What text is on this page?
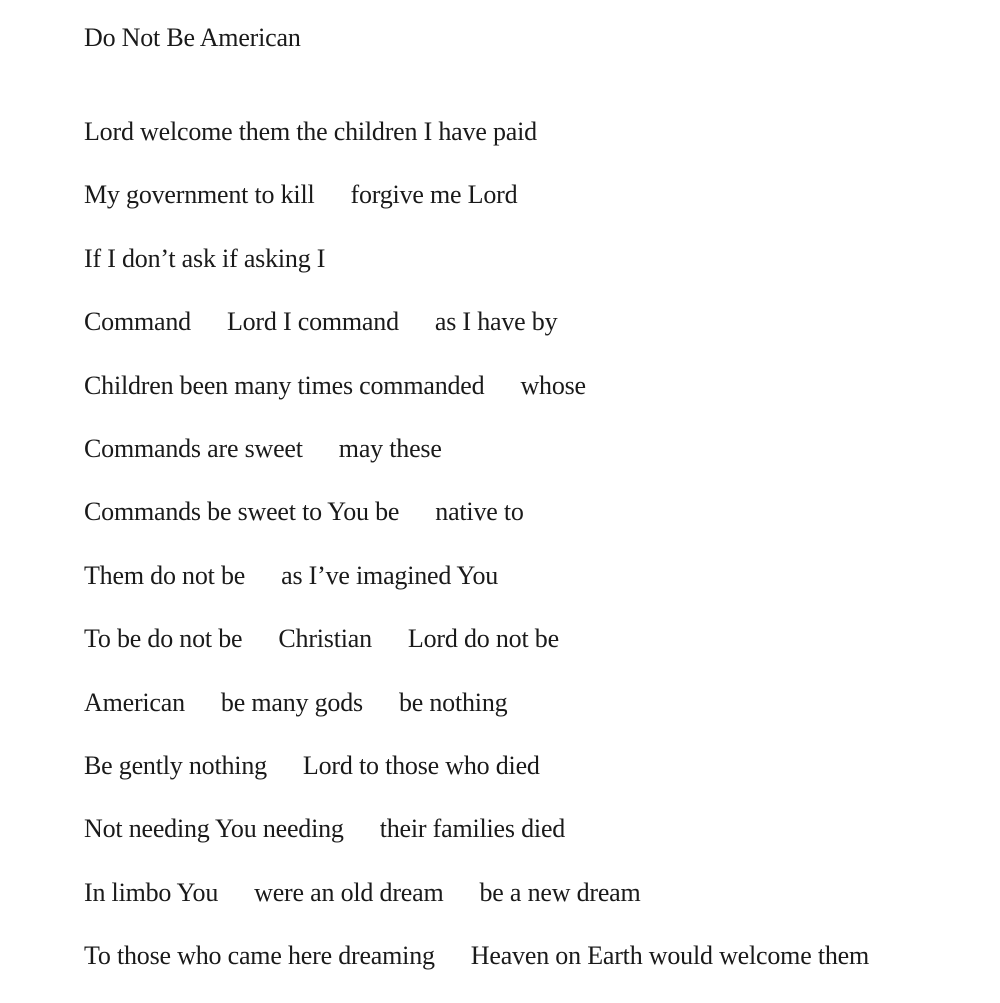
Do Not Be American
Lord welcome them the children I have paid
My government to kill forgive me Lord
If I don’t ask if asking I
Command Lord I command as I have by
Children been many times commanded whose
Commands are sweet may these
Commands be sweet to You be native to
Them do not be as I’ve imagined You
To be do not be Christian Lord do not be
American be many gods be nothing
Be gently nothing Lord to those who died
Not needing You needing their families died
In limbo You were an old dream be a new dream
To those who came here dreaming Heaven on Earth would welcome them
